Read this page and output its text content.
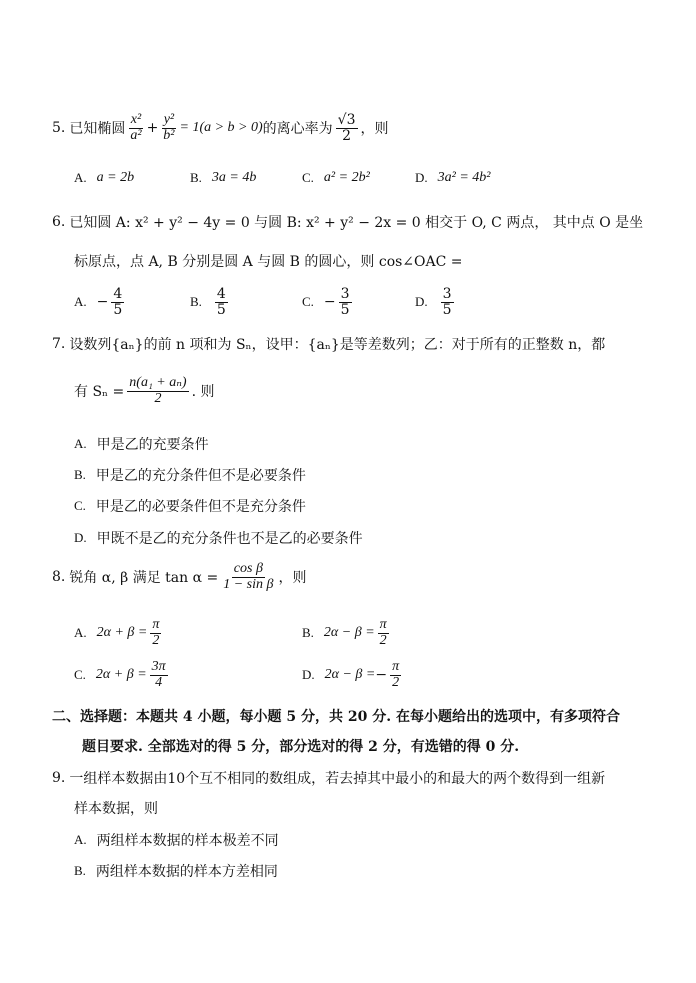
5. 已知椭圆 $\frac{\text{x²}}{\text{a²}} + \frac{\text{y²}}{\text{b²}} = 1(a > b > 0)$ 的离心率为 $\frac{√3}{2}$ ，则
A. a = 2b	B. 3a = 4b	C. a² = 2b²	D. 3a² = 4b²
6. 已知圆 A: x² + y² − 4y = 0 与圆 B: x² + y² − 2x = 0 相交于 O, C 两点， 其中点 O 是坐
标原点，点 A, B 分别是圆 A 与圆 B 的圆心，则 cos∠OAC =
A. − $\frac{4}{5}$	B. $\frac{4}{5}$	C. − $\frac{3}{5}$	D. $\frac{3}{5}$
7. 设数列{aₙ}的前 n 项和为 Sₙ，设甲：{aₙ}是等差数列；乙：对于所有的正整数 n，都
有 $S_n = \frac{\text{n(a₁ + aₙ)}}{2}$ . 则
A. 甲是乙的充要条件
B. 甲是乙的充分条件但不是必要条件
C. 甲是乙的必要条件但不是充分条件
D. 甲既不是乙的充分条件也不是乙的必要条件
8. 锐角 α, β 满足 $\tan \alpha = \frac{\text{cos β}}{\text{1 − sin β}}$ ，则
A. $2\alpha + \beta = \frac{\pi}{2}$	B. $2\alpha - \beta = \frac{\pi}{2}$
C. $2\alpha + \beta = \frac{3\pi}{4}$	D. 2α − β = − $\frac{\pi}{2}$
二、选择题：本题共 4 小题，每小题 5 分，共 20 分. 在每小题给出的选项中，有多项符合
题目要求. 全部选对的得 5 分，部分选对的得 2 分，有选错的得 0 分.
9. 一组样本数据由10个互不相同的数组成，若去掉其中最小的和最大的两个数得到一组新
样本数据，则
A. 两组样本数据的样本极差不同
B. 两组样本数据的样本方差相同
